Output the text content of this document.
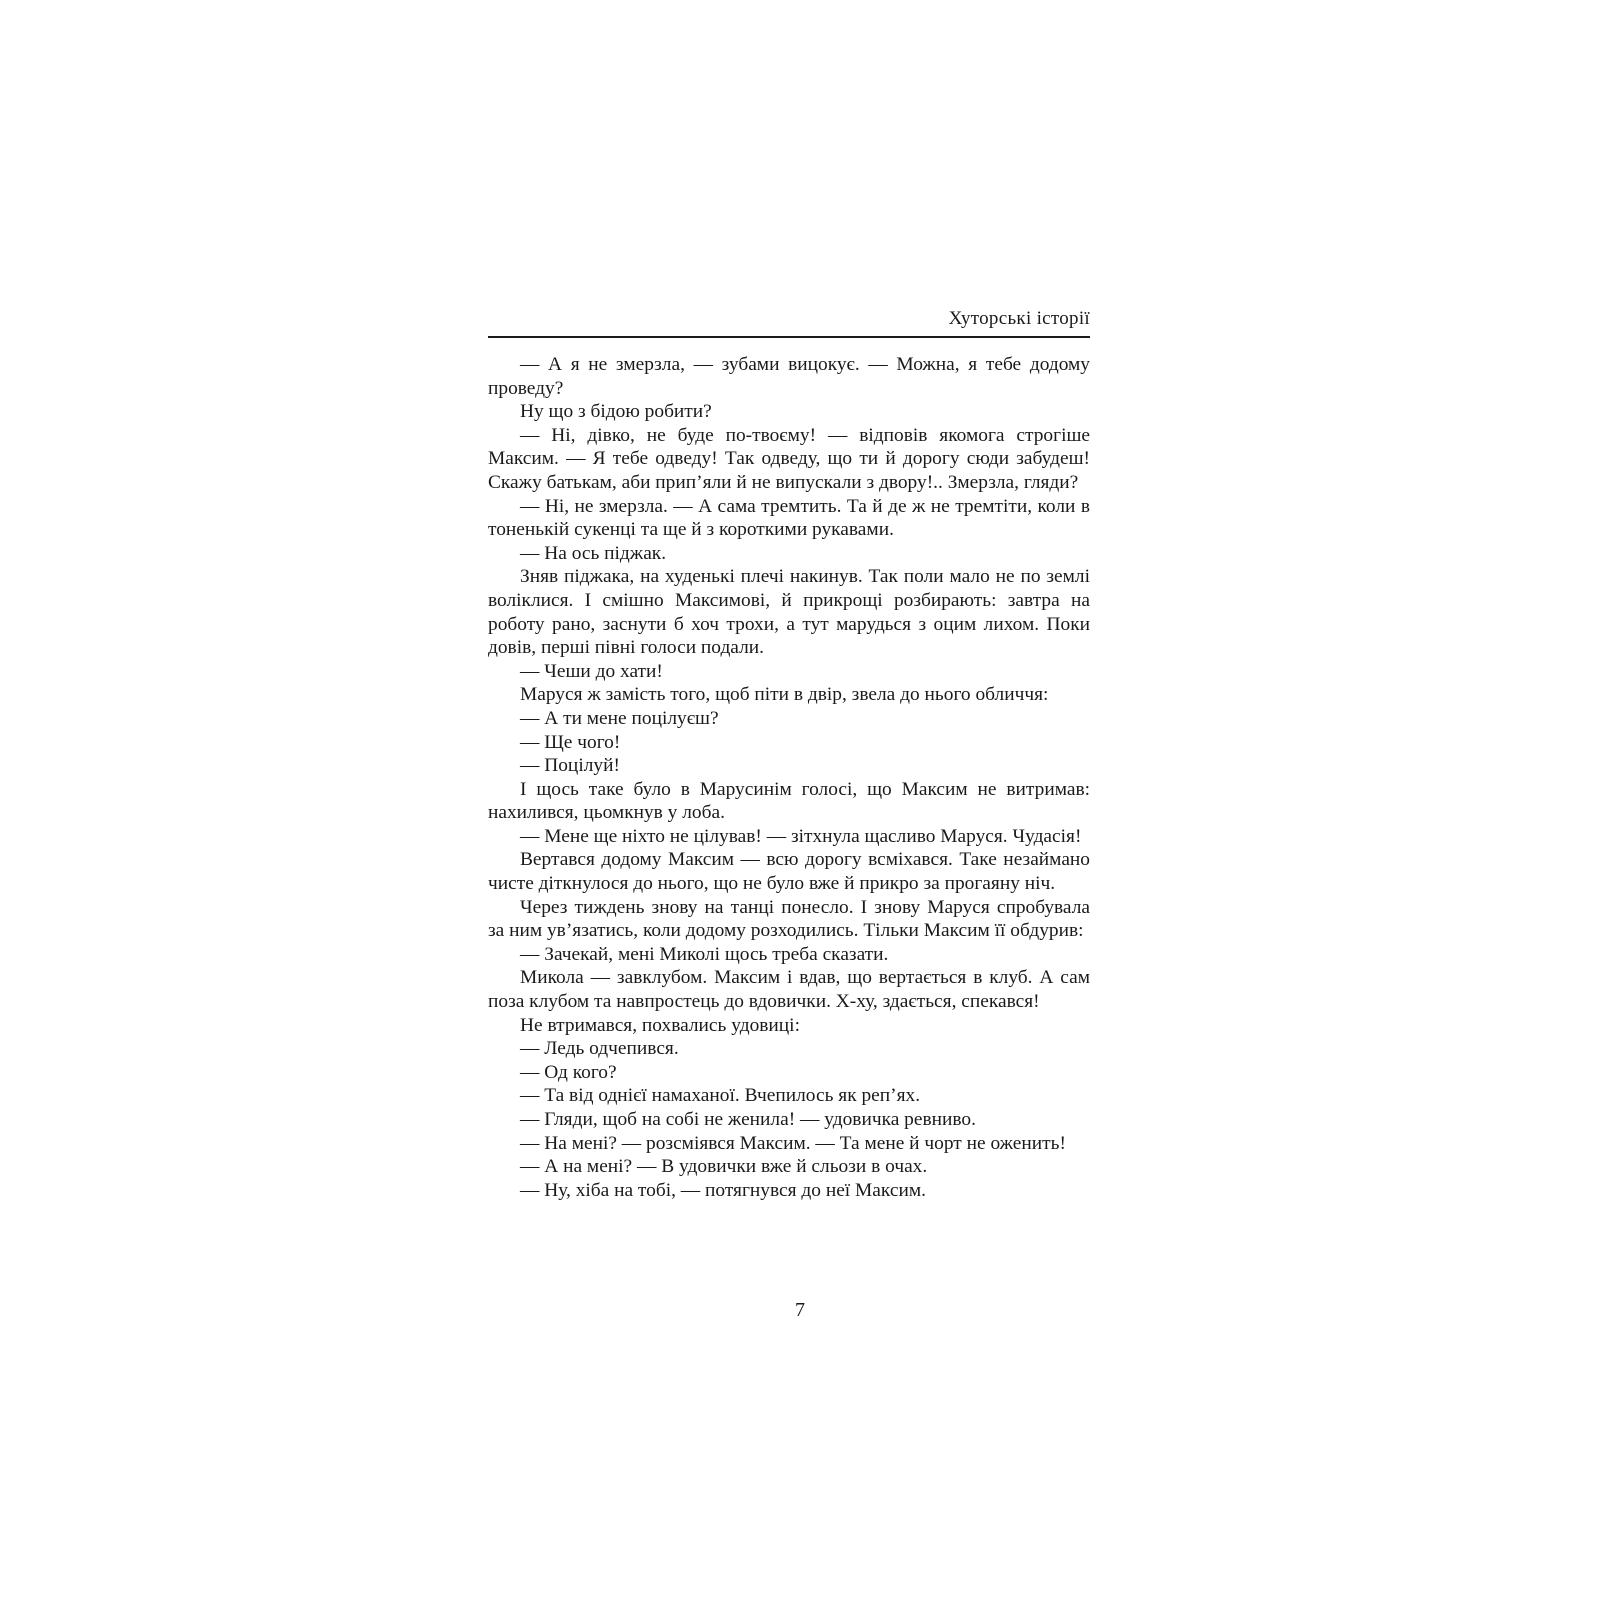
Хуторські історії

— А я не змерзла, — зубами вицокує. — Можна, я тебе додому проведу?

Ну що з бідою робити?

— Ні, дівко, не буде по-твоєму! — відповів якомога строгіше Максим. — Я тебе одведу! Так одведу, що ти й дорогу сюди забудеш! Скажу батькам, аби прип’яли й не випускали з двору!.. Змерзла, гляди?

— Ні, не змерзла. — А сама тремтить. Та й де ж не тремтіти, коли в тоненькій сукенці та ще й з короткими рукавами.

— На ось піджак.

Зняв піджака, на худенькі плечі накинув. Так поли мало не по землі воліклися. І смішно Максимові, й прикрощі розбирають: завтра на роботу рано, заснути б хоч трохи, а тут марудься з оцим лихом. Поки довів, перші півні голоси подали.

— Чеши до хати!

Маруся ж замість того, щоб піти в двір, звела до нього обличчя:

— А ти мене поцілуєш?

— Ще чого!

— Поцілуй!

І щось таке було в Марусинім голосі, що Максим не витримав: нахилився, цьомкнув у лоба.

— Мене ще ніхто не цілував! — зітхнула щасливо Маруся. Чудасія!

Вертався додому Максим — всю дорогу всміхався. Таке незаймано чисте діткнулося до нього, що не було вже й прикро за прогаяну ніч.

Через тиждень знову на танці понесло. І знову Маруся спробувала за ним ув’язатись, коли додому розходились. Тільки Максим її обдурив:

— Зачекай, мені Миколі щось треба сказати.

Микола — завклубом. Максим і вдав, що вертається в клуб. А сам поза клубом та навпростець до вдовички. Х-ху, здається, спекався!

Не втримався, похвались удовиці:

— Ледь одчепився.

— Од кого?

— Та від однієї намаханої. Вчепилось як реп’ях.

— Гляди, щоб на собі не женила! — удовичка ревниво.

— На мені? — розсміявся Максим. — Та мене й чорт не оженить!

— А на мені? — В удовички вже й сльози в очах.

— Ну, хіба на тобі, — потягнувся до неї Максим.

7
